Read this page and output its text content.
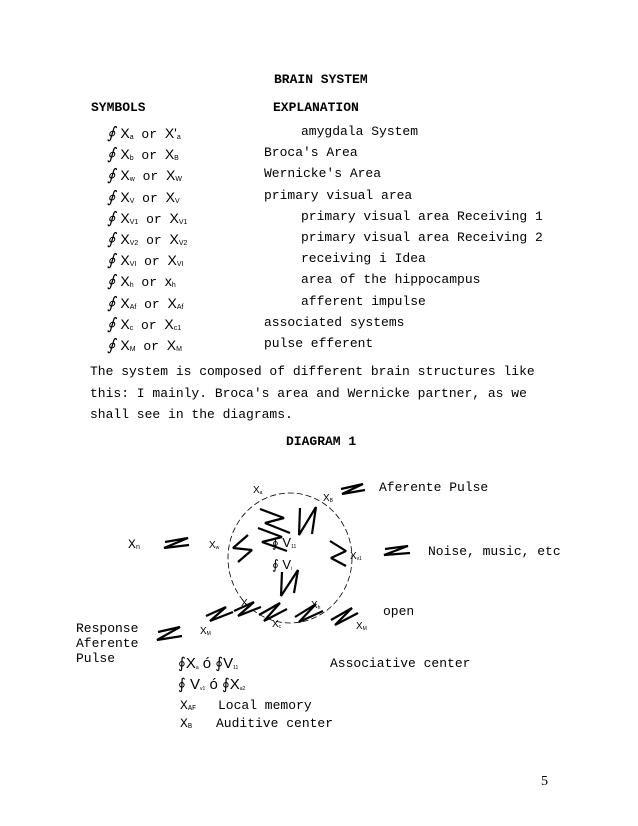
BRAIN SYSTEM
SYMBOLS	EXPLANATION
∮ $X_a$ or $X'_a$	amygdala System
∮ $X_b$ or $X_B$	Broca's Area
∮ $X_w$ or $X_W$	Wernicke's Area
∮ $X_V$ or $X_V$	primary visual area
∮ $X_{V1}$ or $X_{V1}$	primary visual area Receiving 1
∮ $X_{V2}$ or $X_{V2}$	primary visual area Receiving 2
∮ $X_{VI}$ or $X_{VI}$	receiving i Idea
∮ $X_h$ or $x_h$	area of the hippocampus
∮ $X_{Af}$ or $X_{Af}$	afferent impulse
∮ $X_c$ or $X_{c1}$	associated systems
∮ $X_M$ or $X_M$	pulse efferent
The system is composed of different brain structures like this: I mainly. Broca's area and Wernicke partner, as we shall see in the diagrams.
DIAGRAM 1
$X_a$	$X_B$
$X_w$
$X_{v1}$
∮ $V_{11}$
∮ $V_i$
$X_a$	$X_h$
$X_c$	$X_M$
$X_M$
$X_n$
Aferente Pulse
Noise, music, etc
open
Response
Aferente
Pulse	$∮X_a$ ó $∮V_{11}$
∮ $V_{v1}$ ó $∮X_{a2}$
Associative center
$X_{AF}$ Local memory
$X_B$ Auditive center
5
